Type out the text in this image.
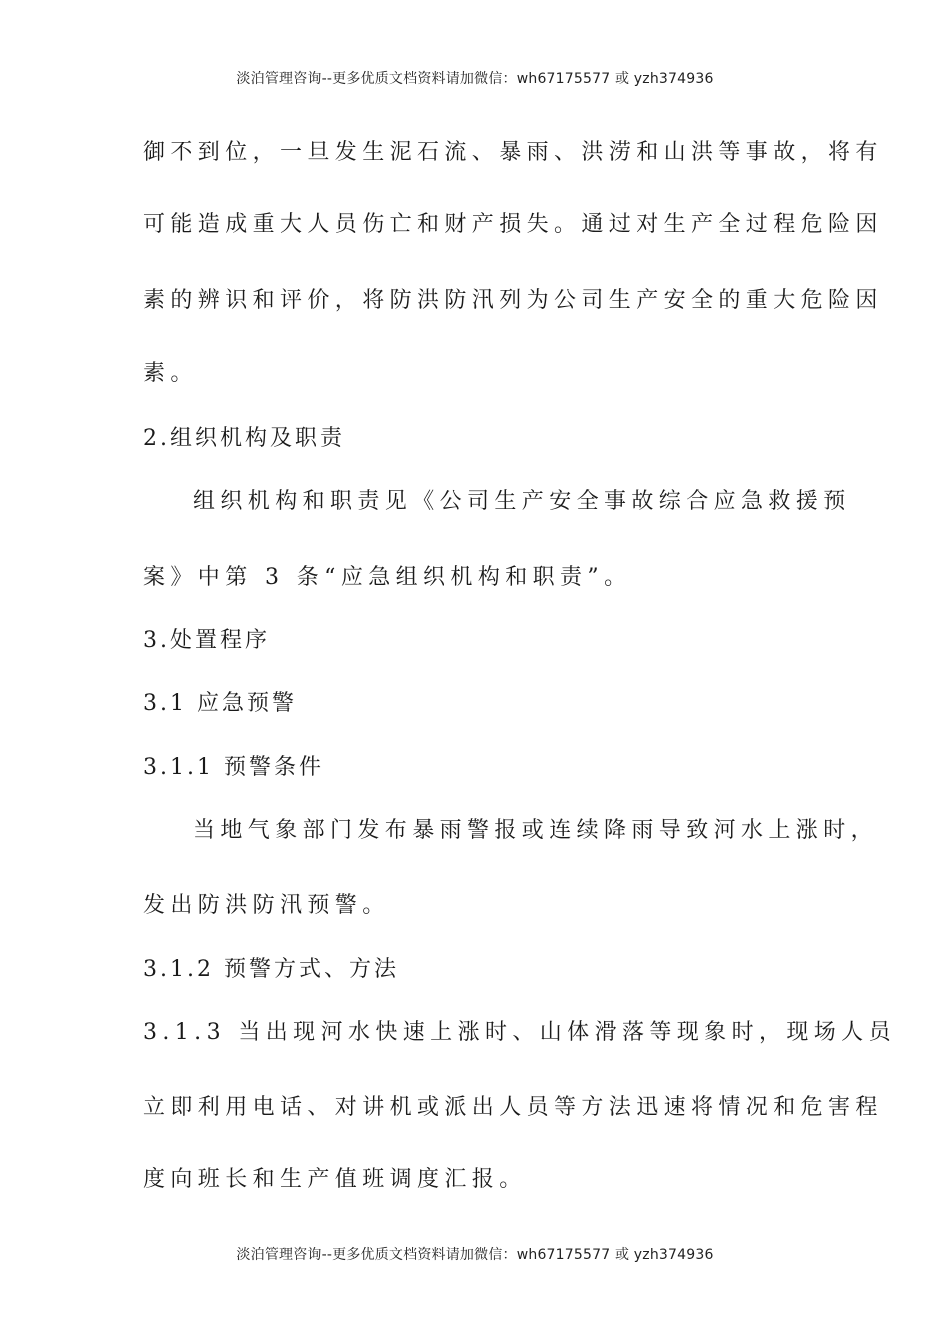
淡泊管理咨询--更多优质文档资料请加微信：wh67175577 或 yzh374936
御不到位，一旦发生泥石流、暴雨、洪涝和山洪等事故，将有
可能造成重大人员伤亡和财产损失。通过对生产全过程危险因
素的辨识和评价，将防洪防汛列为公司生产安全的重大危险因
素。
2.组织机构及职责
组织机构和职责见《公司生产安全事故综合应急救援预
案》中第 3 条“应急组织机构和职责”。
3.处置程序
3.1 应急预警
3.1.1 预警条件
当地气象部门发布暴雨警报或连续降雨导致河水上涨时，
发出防洪防汛预警。
3.1.2 预警方式、方法
3.1.3 当出现河水快速上涨时、山体滑落等现象时，现场人员
立即利用电话、对讲机或派出人员等方法迅速将情况和危害程
度向班长和生产值班调度汇报。
淡泊管理咨询--更多优质文档资料请加微信：wh67175577 或 yzh374936
